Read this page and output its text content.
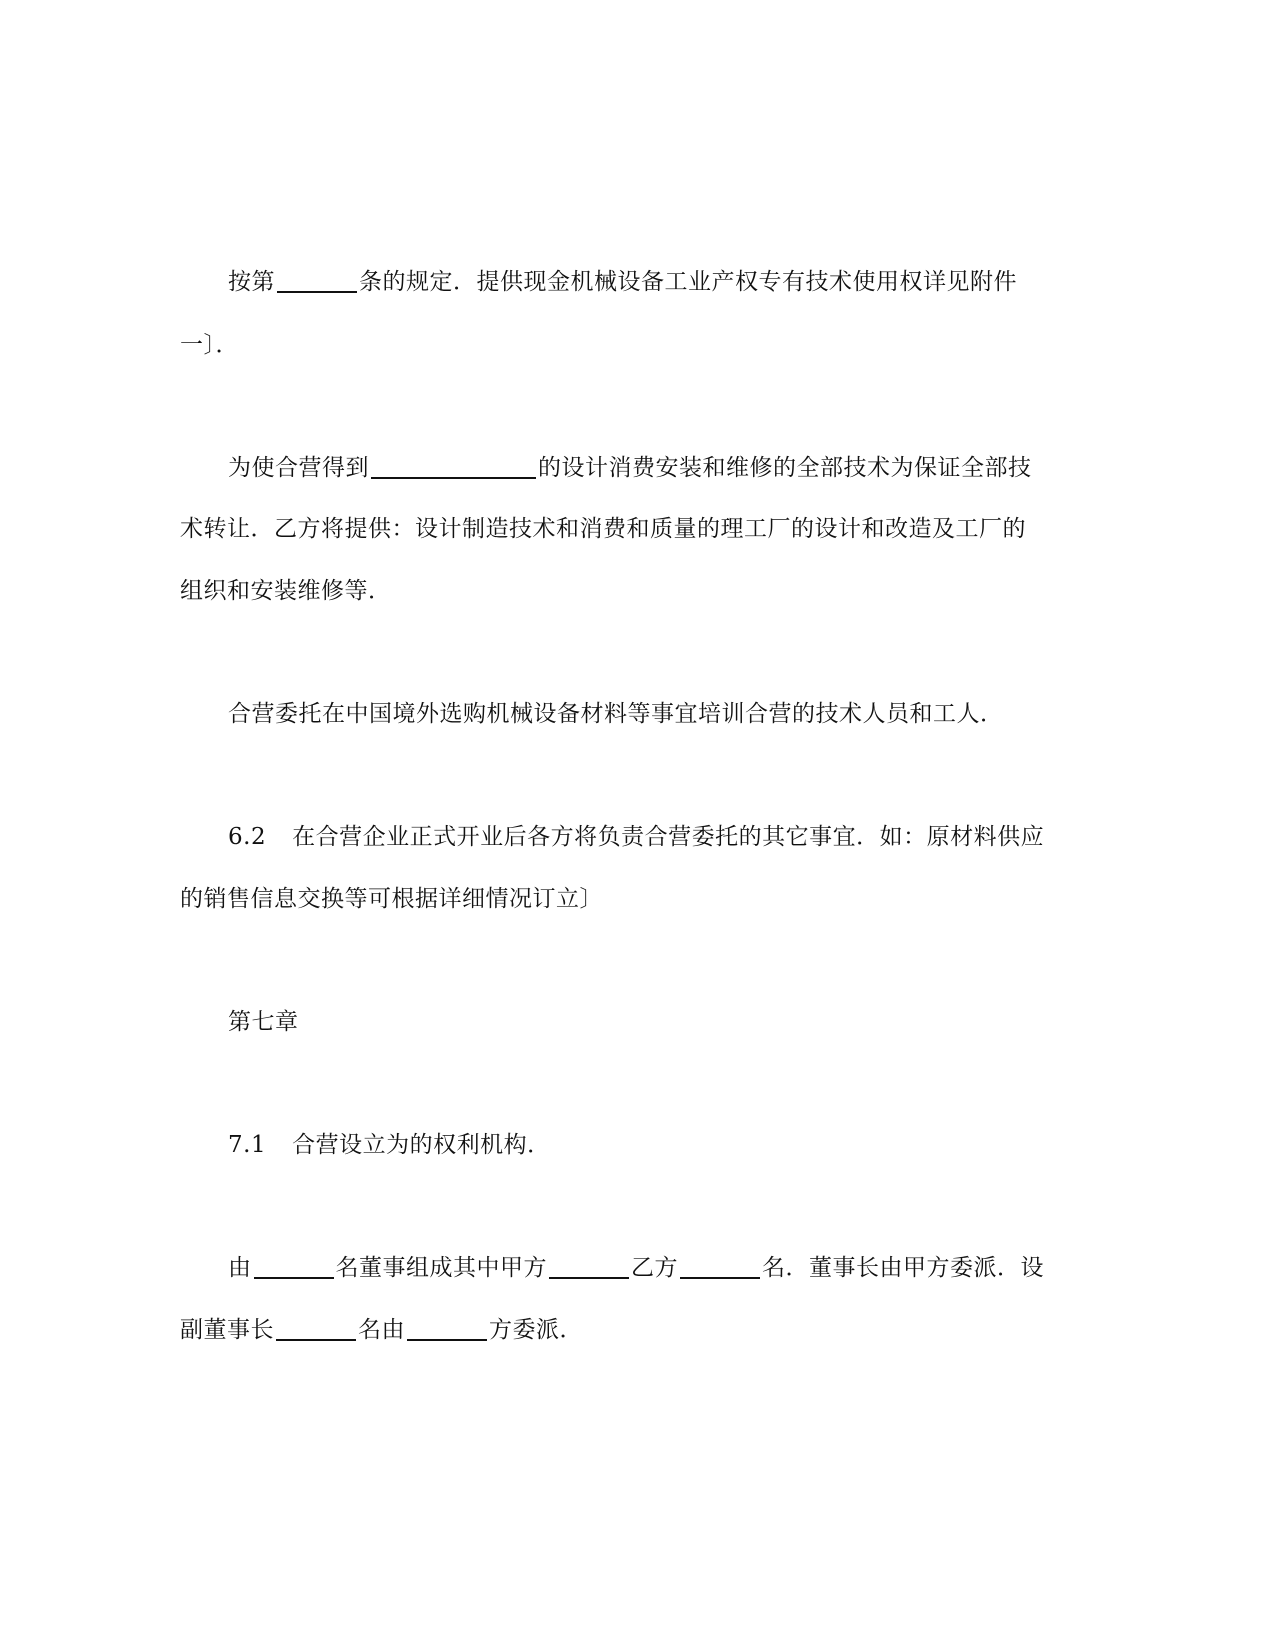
按第	条的规定．提供现金机械设备工业产权专有技术使用权详见附件
一〕．
为使合营得到	的设计消费安装和维修的全部技术为保证全部技
术转让．乙方将提供：设计制造技术和消费和质量的理工厂的设计和改造及工厂的
组织和安装维修等．
合营委托在中国境外选购机械设备材料等事宜培训合营的技术人员和工人．
6.2 在合营企业正式开业后各方将负责合营委托的其它事宜．如：原材料供应
的销售信息交换等可根据详细情况订立〕
第七章
7.1 合营设立为的权利机构．
由	名董事组成其中甲方	乙方	名．董事长由甲方委派．设
副董事长	名由	方委派．
